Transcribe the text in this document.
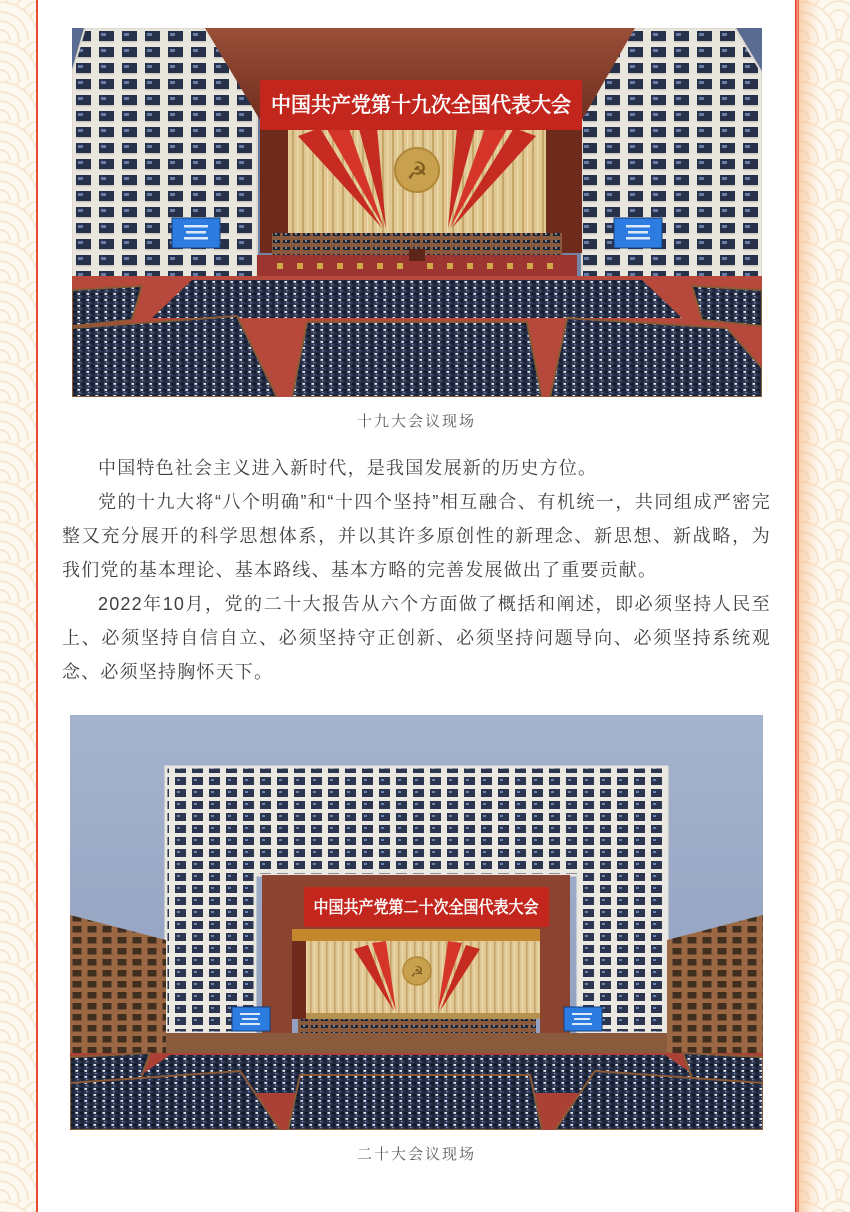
☭
中国共产党第十九次全国代表大会
十九大会议现场

中国特色社会主义进入新时代，是我国发展新的历史方位。

党的十九大将“八个明确”和“十四个坚持”相互融合、有机统一，共同组成严密完整又充分展开的科学思想体系，并以其许多原创性的新理念、新思想、新战略，为我们党的基本理论、基本路线、基本方略的完善发展做出了重要贡献。

2022年10月，党的二十大报告从六个方面做了概括和阐述，即必须坚持人民至上、必须坚持自信自立、必须坚持守正创新、必须坚持问题导向、必须坚持系统观念、必须坚持胸怀天下。

中国共产党第二十次全国代表大会
☭
二十大会议现场
